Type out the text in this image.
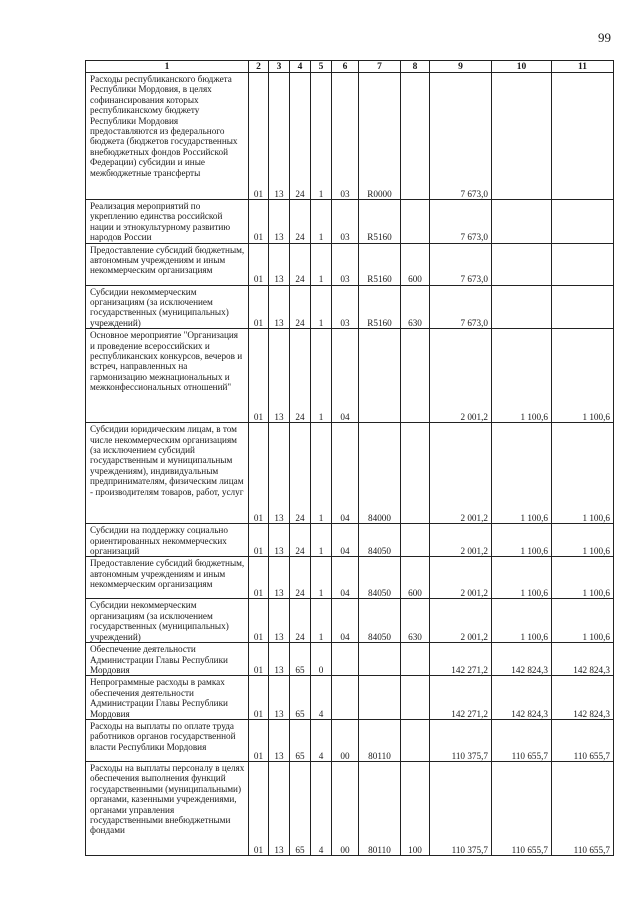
99
1	2	3	4	5	6	7	8	9	10	11
Расходы республиканского бюджета Республики Мордовия, в целях софинансирования которых республиканскому бюджету Республики Мордовия предоставляются из федерального бюджета (бюджетов государственных внебюджетных фондов Российской Федерации) субсидии и иные межбюджетные трансферты	01	13	24	1	03	R0000		7 673,0		
Реализация мероприятий по укреплению единства российской нации и этнокультурному развитию народов России	01	13	24	1	03	R5160		7 673,0		
Предоставление субсидий бюджетным, автономным учреждениям и иным некоммерческим организациям	01	13	24	1	03	R5160	600	7 673,0		
Субсидии некоммерческим организациям (за исключением государственных (муниципальных) учреждений)	01	13	24	1	03	R5160	630	7 673,0		
Основное мероприятие "Организация и проведение всероссийских и республиканских конкурсов, вечеров и встреч, направленных на гармонизацию межнациональных и межконфессиональных отношений"	01	13	24	1	04			2 001,2	1 100,6	1 100,6
Субсидии юридическим лицам, в том числе некоммерческим организациям (за исключением субсидий государственным и муниципальным учреждениям), индивидуальным предпринимателям, физическим лицам - производителям товаров, работ, услуг	01	13	24	1	04	84000		2 001,2	1 100,6	1 100,6
Субсидии на поддержку социально ориентированных некоммерческих организаций	01	13	24	1	04	84050		2 001,2	1 100,6	1 100,6
Предоставление субсидий бюджетным, автономным учреждениям и иным некоммерческим организациям	01	13	24	1	04	84050	600	2 001,2	1 100,6	1 100,6
Субсидии некоммерческим организациям (за исключением государственных (муниципальных) учреждений)	01	13	24	1	04	84050	630	2 001,2	1 100,6	1 100,6
Обеспечение деятельности Администрации Главы Республики Мордовия	01	13	65	0				142 271,2	142 824,3	142 824,3
Непрограммные расходы в рамках обеспечения деятельности Администрации Главы Республики Мордовия	01	13	65	4				142 271,2	142 824,3	142 824,3
Расходы на выплаты по оплате труда работников органов государственной власти Республики Мордовия	01	13	65	4	00	80110		110 375,7	110 655,7	110 655,7
Расходы на выплаты персоналу в целях обеспечения выполнения функций государственными (муниципальными) органами, казенными учреждениями, органами управления государственными внебюджетными фондами	01	13	65	4	00	80110	100	110 375,7	110 655,7	110 655,7
